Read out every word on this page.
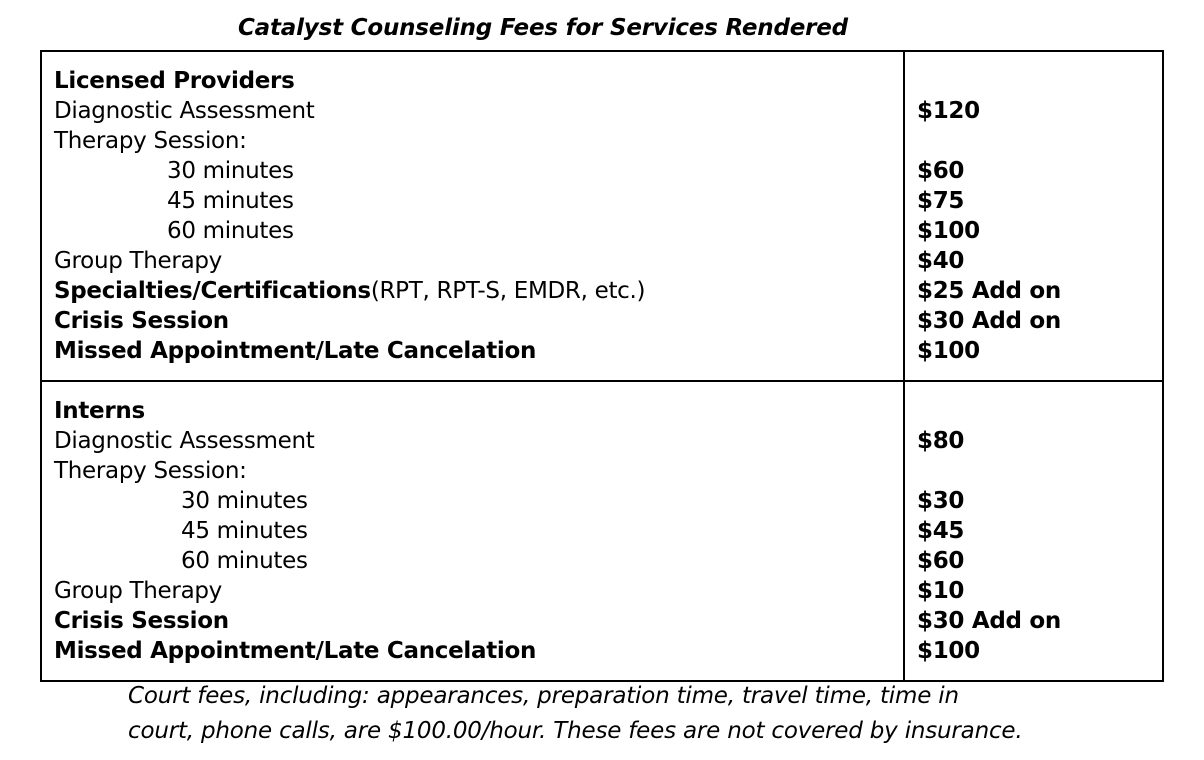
Catalyst Counseling Fees for Services Rendered
Licensed Providers
Diagnostic Assessment	$120
Therapy Session:
30 minutes	$60
45 minutes	$75
60 minutes	$100
Group Therapy	$40
Specialties/Certifications(RPT, RPT-S, EMDR, etc.)	$25 Add on
Crisis Session	$30 Add on
Missed Appointment/Late Cancelation	$100
Interns
Diagnostic Assessment	$80
Therapy Session:
30 minutes	$30
45 minutes	$45
60 minutes	$60
Group Therapy	$10
Crisis Session	$30 Add on
Missed Appointment/Late Cancelation	$100
Court fees, including: appearances, preparation time, travel time, time in
court, phone calls, are $100.00/hour. These fees are not covered by insurance.
